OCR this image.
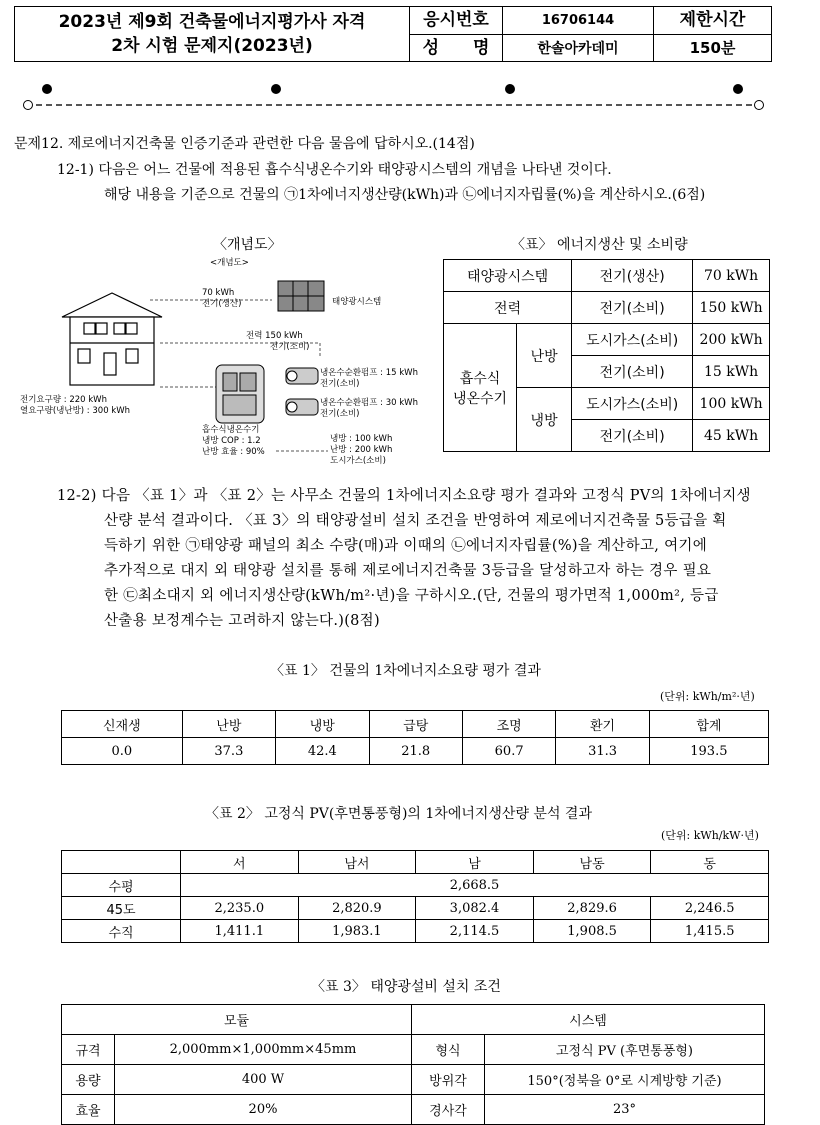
2023년 제9회 건축물에너지평가사 자격
2차 시험 문제지(2023년)	응시번호	16706144	제한시간
	성　　명	한솔아카데미	150분
문제12. 제로에너지건축물 인증기준과 관련한 다음 물음에 답하시오.(14점)
12-1) 다음은 어느 건물에 적용된 흡수식냉온수기와 태양광시스템의 개념을 나타낸 것이다.
해당 내용을 기준으로 건물의 ㉠1차에너지생산량(kWh)과 ㉡에너지자립률(%)을 계산하시오.(6점)
〈개념도〉	〈표〉 에너지생산 및 소비량
<개념도>
태양광시스템
70 kWh
전기(생산)
전력 150 kWh
전기(소비)
냉온수순환펌프 : 15 kWh
전기(소비)
냉온수순환펌프 : 30 kWh
전기(소비)
전기요구량 : 220 kWh
열요구량(냉난방) : 300 kWh
흡수식냉온수기
냉방 COP : 1.2
난방 효율 : 90%
냉방 : 100 kWh
난방 : 200 kWh
도시가스(소비)
태양광시스템		전기(생산)	70 kWh
전력		전기(소비)	150 kWh

흡수식
냉온수기	난방	도시가스(소비)	200 kWh
		전기(소비)	15 kWh
	냉방	도시가스(소비)	100 kWh
		전기(소비)	45 kWh

12-2) 다음 〈표 1〉과 〈표 2〉는 사무소 건물의 1차에너지소요량 평가 결과와 고정식 PV의 1차에너지생

산량 분석 결과이다. 〈표 3〉의 태양광설비 설치 조건을 반영하여 제로에너지건축물 5등급을 획

득하기 위한 ㉠태양광 패널의 최소 수량(매)과 이때의 ㉡에너지자립률(%)을 계산하고, 여기에

추가적으로 대지 외 태양광 설치를 통해 제로에너지건축물 3등급을 달성하고자 하는 경우 필요

한 ㉢최소대지 외 에너지생산량(kWh/m²·년)을 구하시오.(단, 건물의 평가면적 1,000m², 등급

산출용 보정계수는 고려하지 않는다.)(8점)

〈표 1〉 건물의 1차에너지소요량 평가 결과
(단위: kWh/m²·년)
신재생	난방	냉방	급탕	조명	환기	합계
0.0	37.3	42.4	21.8	60.7	31.3	193.5
〈표 2〉 고정식 PV(후면통풍형)의 1차에너지생산량 분석 결과
(단위: kWh/kW·년)
	서	남서	남	남동	동
수평	2,668.5				
45도	2,235.0	2,820.9	3,082.4	2,829.6	2,246.5
수직	1,411.1	1,983.1	2,114.5	1,908.5	1,415.5
〈표 3〉 태양광설비 설치 조건
모듈		시스템	
규격	2,000mm×1,000mm×45mm	형식	고정식 PV (후면통풍형)
용량	400 W	방위각	150°(정북을 0°로 시계방향 기준)
효율	20%	경사각	23°
